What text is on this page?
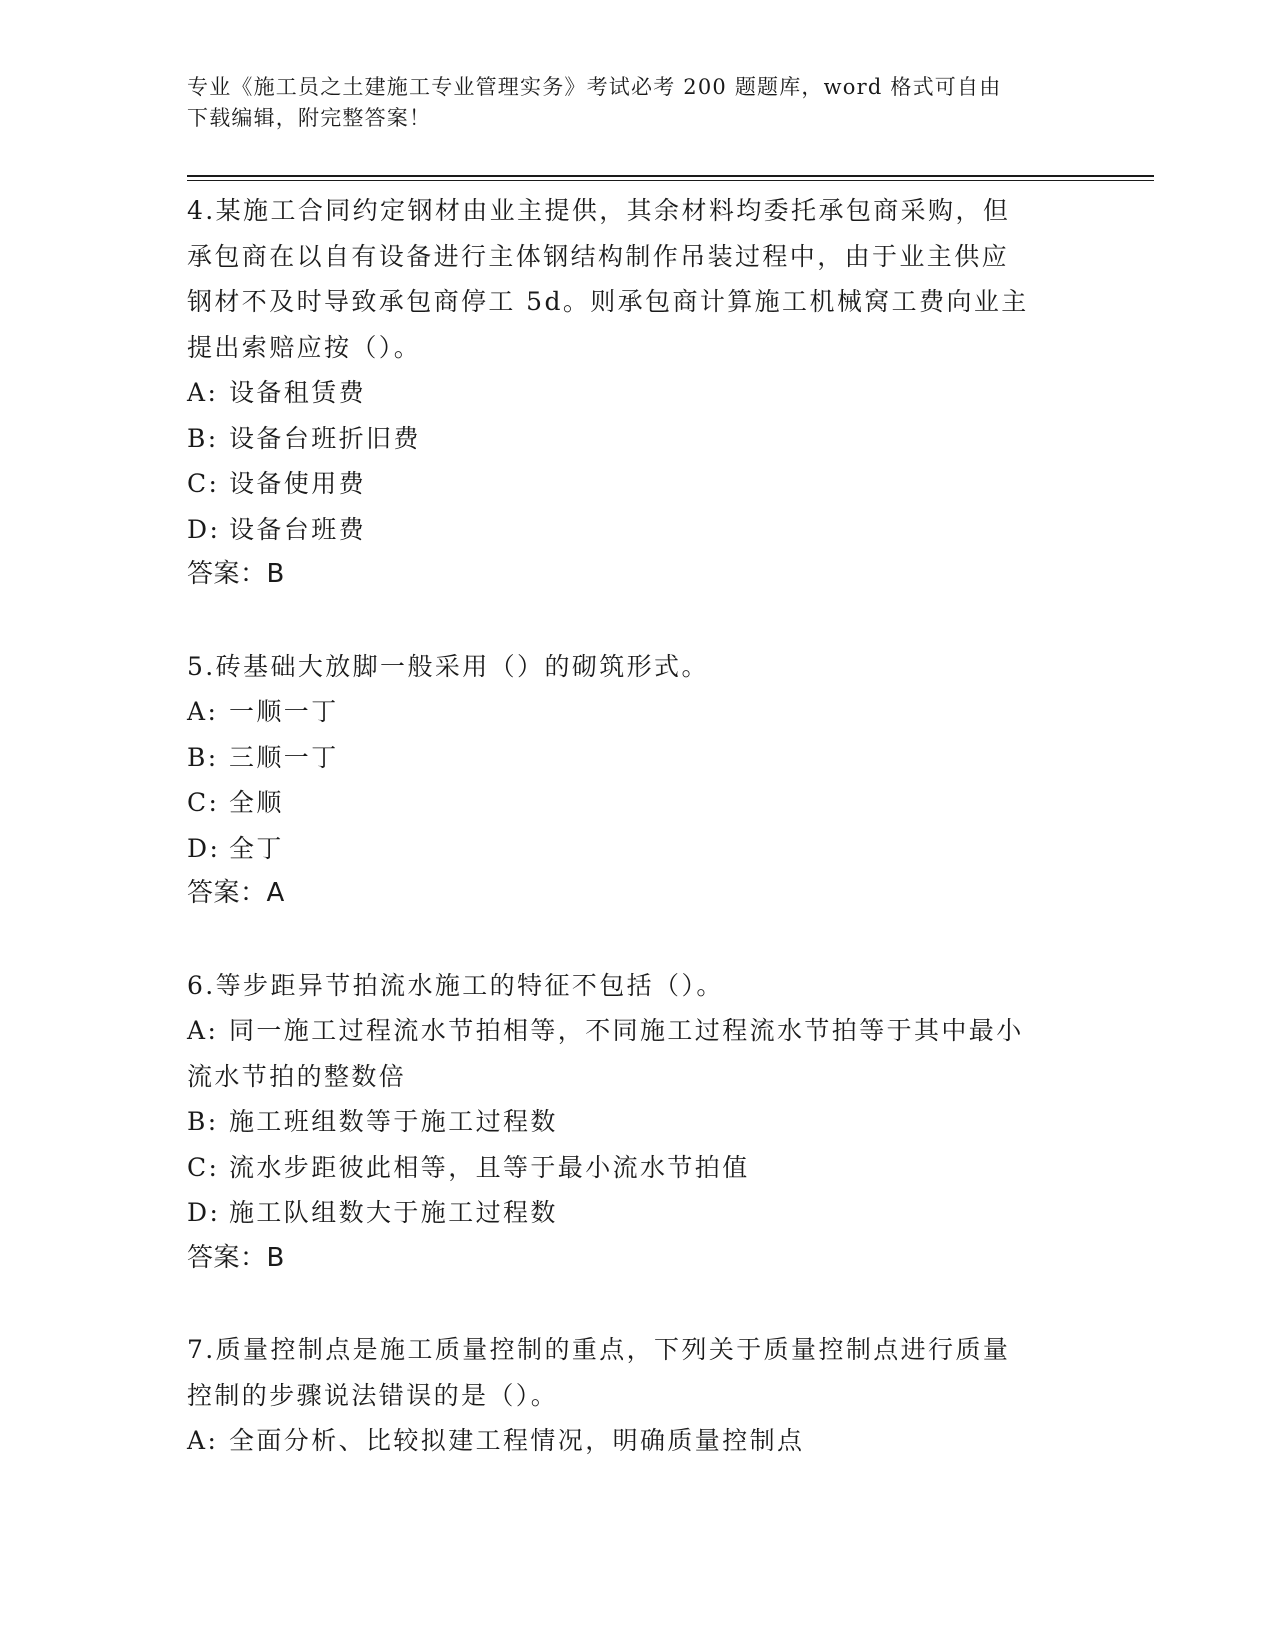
专业《施工员之土建施工专业管理实务》考试必考 200 题题库，word 格式可自由
下载编辑，附完整答案！
4.某施工合同约定钢材由业主提供，其余材料均委托承包商采购，但
承包商在以自有设备进行主体钢结构制作吊装过程中，由于业主供应
钢材不及时导致承包商停工 5d。则承包商计算施工机械窝工费向业主
提出索赔应按（）。
A: 设备租赁费
B: 设备台班折旧费
C: 设备使用费
D: 设备台班费
答案：B
5.砖基础大放脚一般采用（）的砌筑形式。
A: 一顺一丁
B: 三顺一丁
C: 全顺
D: 全丁
答案：A
6.等步距异节拍流水施工的特征不包括（）。
A: 同一施工过程流水节拍相等，不同施工过程流水节拍等于其中最小
流水节拍的整数倍
B: 施工班组数等于施工过程数
C: 流水步距彼此相等，且等于最小流水节拍值
D: 施工队组数大于施工过程数
答案：B
7.质量控制点是施工质量控制的重点，下列关于质量控制点进行质量
控制的步骤说法错误的是（）。
A: 全面分析、比较拟建工程情况，明确质量控制点
